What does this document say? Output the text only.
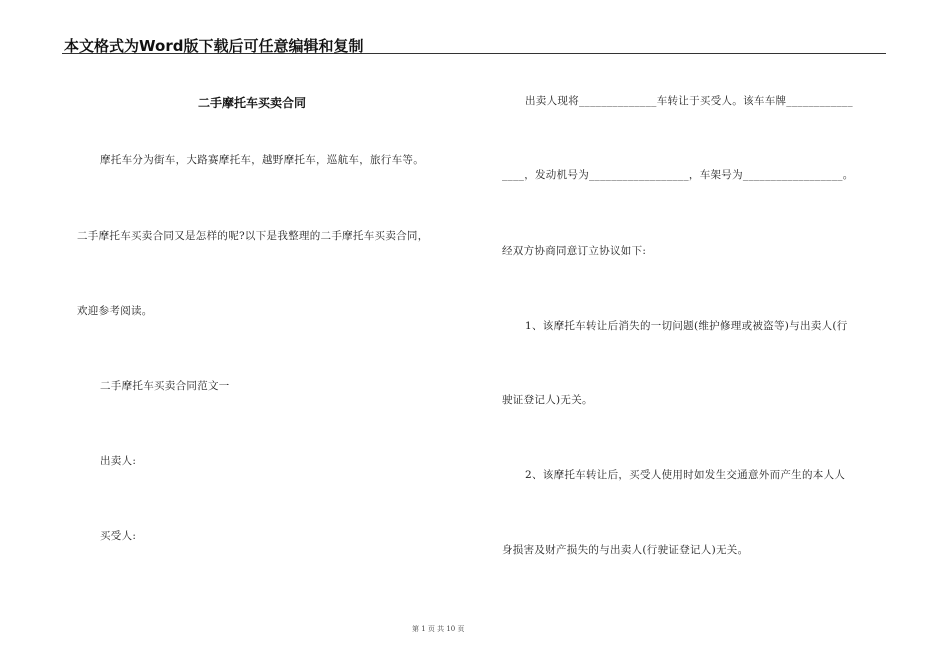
本文格式为Word版下载后可任意编辑和复制
二手摩托车买卖合同
摩托车分为街车，大路赛摩托车，越野摩托车，巡航车，旅行车等。
二手摩托车买卖合同又是怎样的呢?以下是我整理的二手摩托车买卖合同，
欢迎参考阅读。
二手摩托车买卖合同范文一
出卖人:
买受人:
出卖人现将______________车转让于买受人。该车车牌____________
____，发动机号为__________________，车架号为__________________。
经双方协商同意订立协议如下:
1、该摩托车转让后消失的一切问题(维护修理或被盗等)与出卖人(行
驶证登记人)无关。
2、该摩托车转让后，买受人使用时如发生交通意外而产生的本人人
身损害及财产损失的与出卖人(行驶证登记人)无关。
第 1 页 共 10 页
